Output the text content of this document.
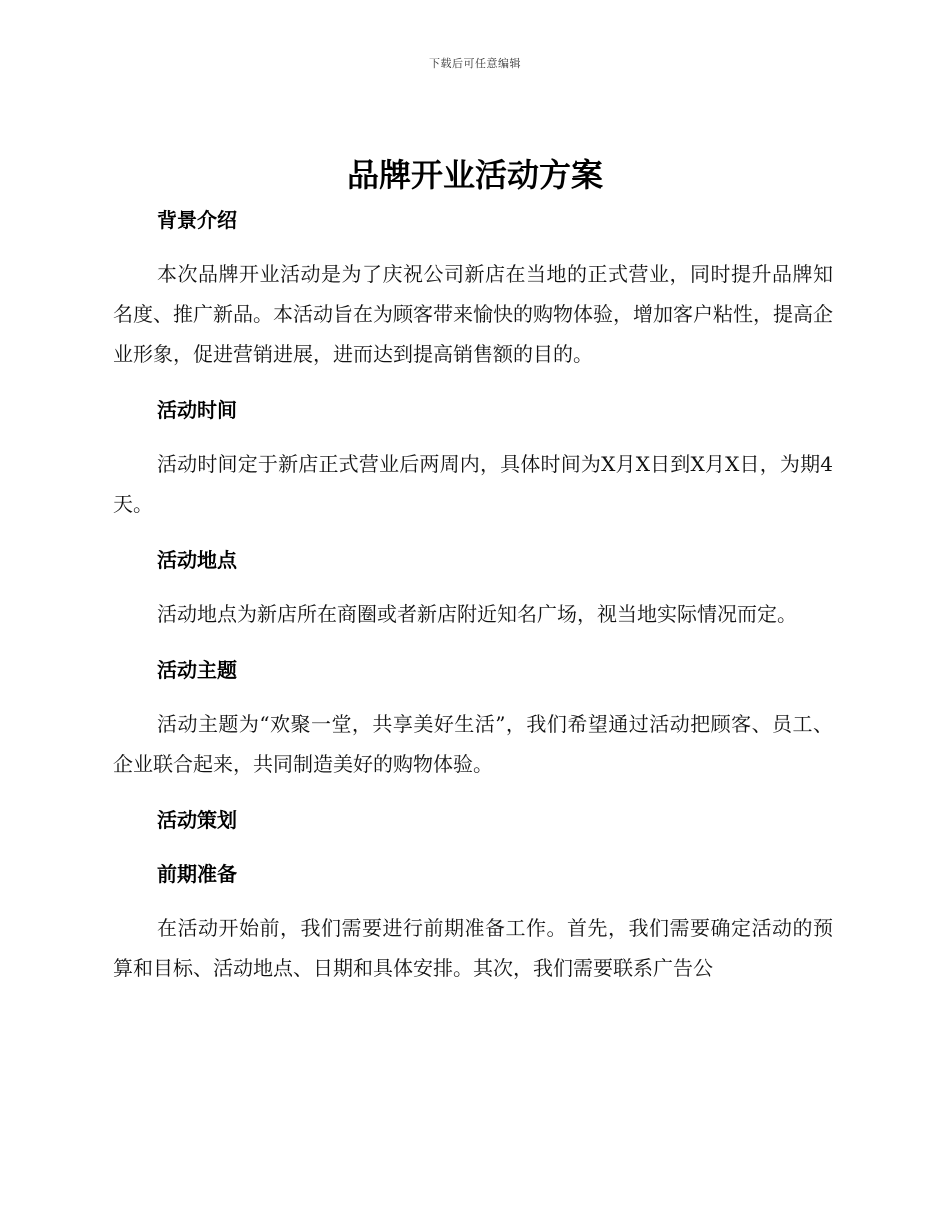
下载后可任意编辑
品牌开业活动方案
背景介绍

本次品牌开业活动是为了庆祝公司新店在当地的正式营业，同时提升品牌知名度、推广新品。本活动旨在为顾客带来愉快的购物体验，增加客户粘性，提高企业形象，促进营销进展，进而达到提高销售额的目的。

活动时间

活动时间定于新店正式营业后两周内，具体时间为X月X日到X月X日，为期4天。

活动地点

活动地点为新店所在商圈或者新店附近知名广场，视当地实际情况而定。

活动主题

活动主题为“欢聚一堂，共享美好生活”，我们希望通过活动把顾客、员工、企业联合起来，共同制造美好的购物体验。

活动策划
前期准备

在活动开始前，我们需要进行前期准备工作。首先，我们需要确定活动的预算和目标、活动地点、日期和具体安排。其次，我们需要联系广告公
